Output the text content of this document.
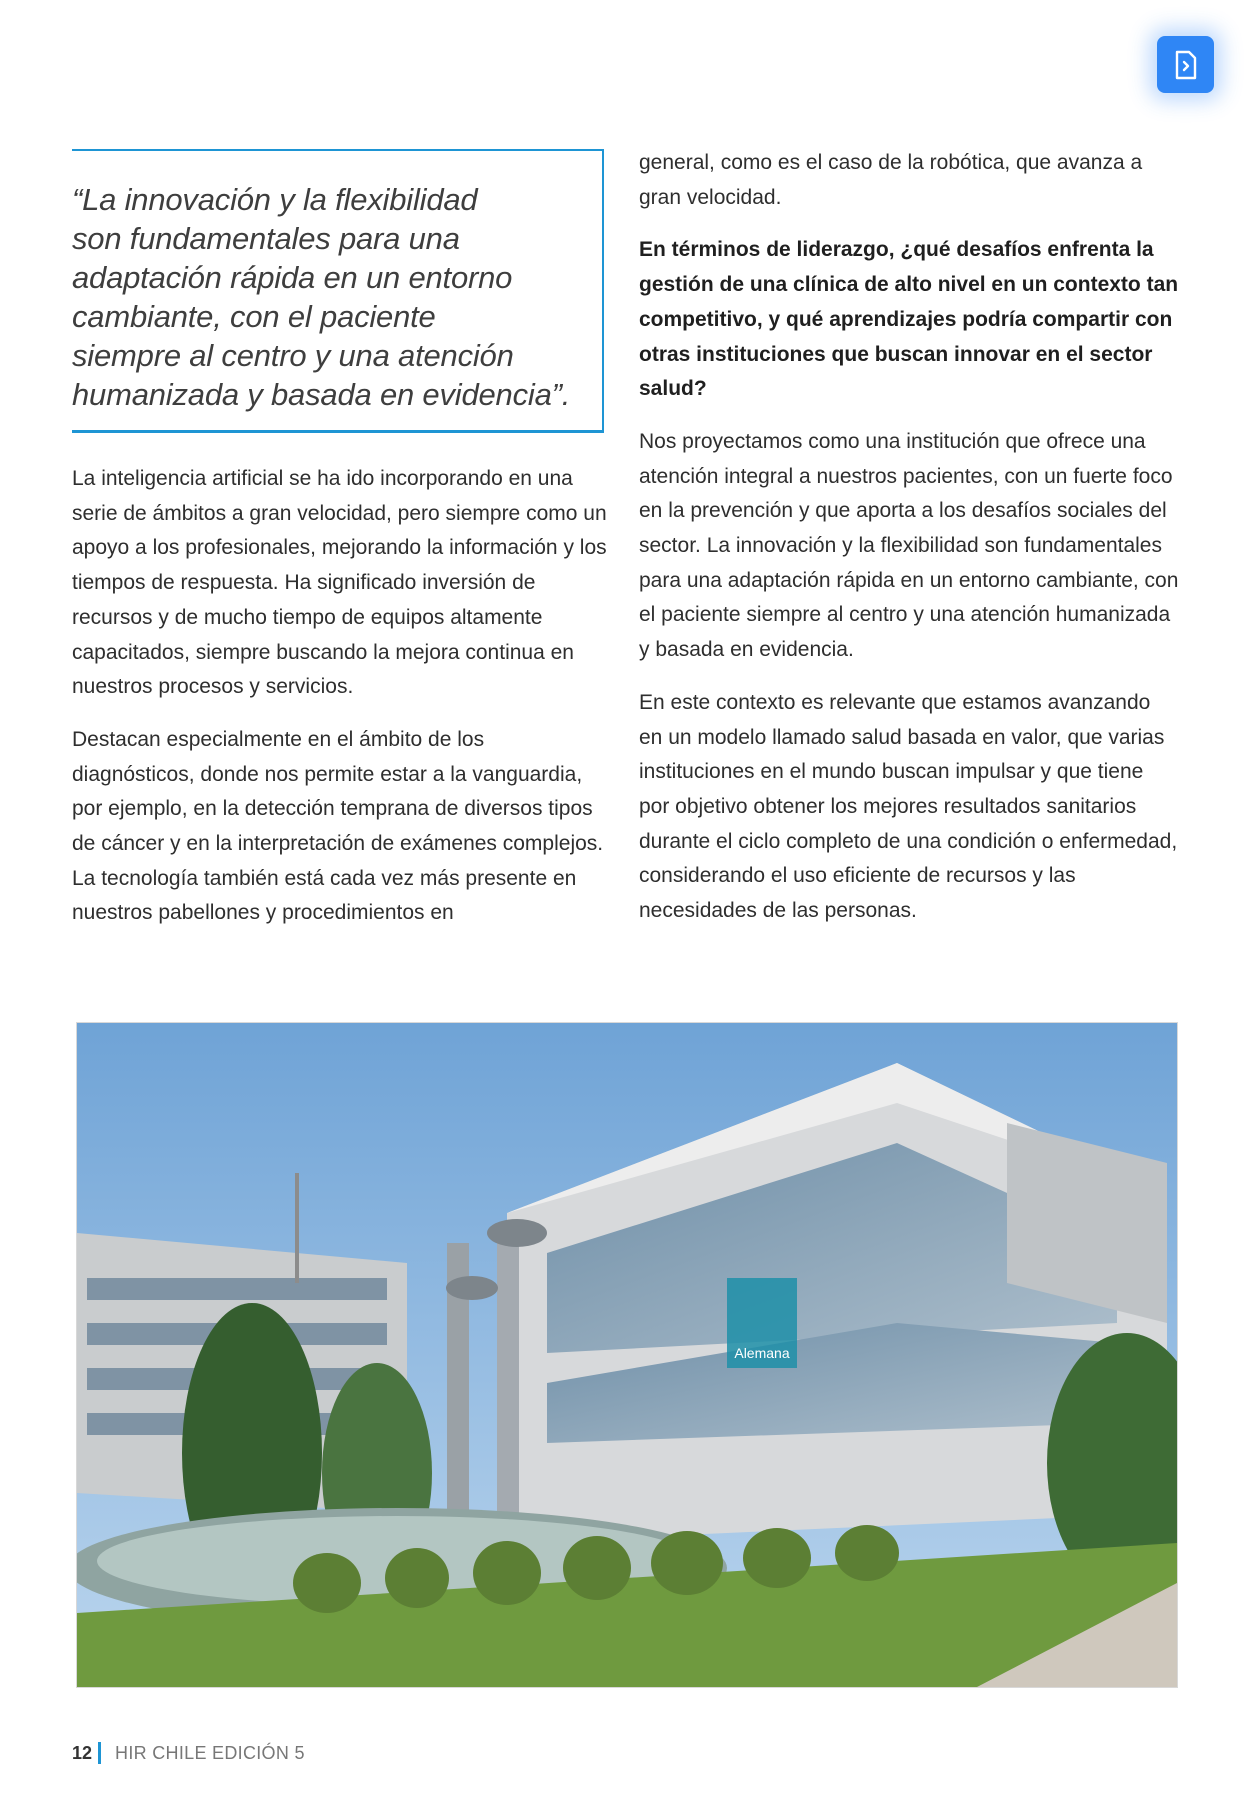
“La innovación y la flexibilidad
son fundamentales para una
adaptación rápida en un entorno
cambiante, con el paciente
siempre al centro y una atención
humanizada y basada en evidencia”.

La inteligencia artificial se ha ido incorporando en una serie de ámbitos a gran velocidad, pero siempre como un apoyo a los profesionales, mejorando la información y los tiempos de respuesta. Ha significado inversión de recursos y de mucho tiempo de equipos altamente capacitados, siempre buscando la mejora continua en nuestros procesos y servicios.

Destacan especialmente en el ámbito de los diagnósticos, donde nos permite estar a la vanguardia, por ejemplo, en la detección temprana de diversos tipos de cáncer y en la interpretación de exámenes complejos. La tecnología también está cada vez más presente en nuestros pabellones y procedimientos en

general, como es el caso de la robótica, que avanza a gran velocidad.

En términos de liderazgo, ¿qué desafíos enfrenta la gestión de una clínica de alto nivel en un contexto tan competitivo, y qué aprendizajes podría compartir con otras instituciones que buscan innovar en el sector salud?

Nos proyectamos como una institución que ofrece una atención integral a nuestros pacientes, con un fuerte foco en la prevención y que aporta a los desafíos sociales del sector. La innovación y la flexibilidad son fundamentales para una adaptación rápida en un entorno cambiante, con el paciente siempre al centro y una atención humanizada y basada en evidencia.

En este contexto es relevante que estamos avanzando en un modelo llamado salud basada en valor, que varias instituciones en el mundo buscan impulsar y que tiene por objetivo obtener los mejores resultados sanitarios durante el ciclo completo de una condición o enfermedad, considerando el uso eficiente de recursos y las necesidades de las personas.

Alemana
12 HIR CHILE EDICIÓN 5
